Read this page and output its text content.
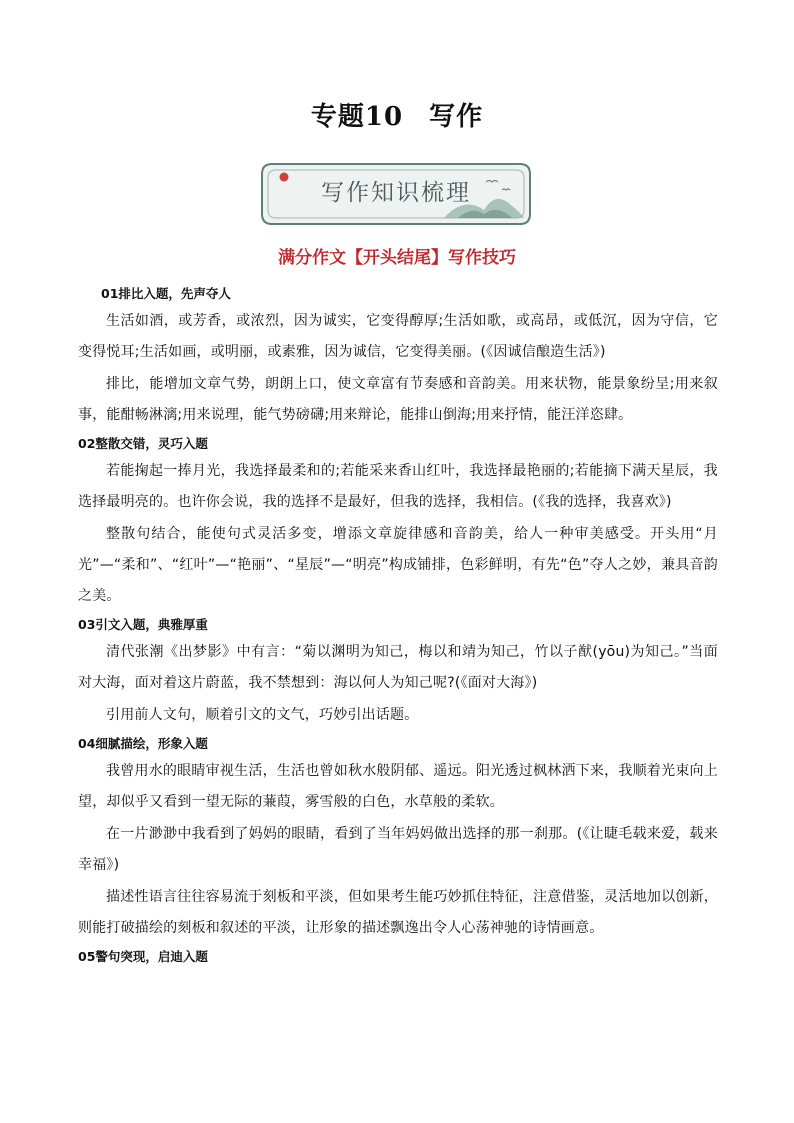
专题10 写作
写作知识梳理
满分作文【开头结尾】写作技巧
01排比入题，先声夺人

生活如酒，或芳香，或浓烈，因为诚实，它变得醇厚;生活如歌，或高昂，或低沉，因为守信，它变得悦耳;生活如画，或明丽，或素雅，因为诚信，它变得美丽。(《因诚信酿造生活》)

排比，能增加文章气势，朗朗上口，使文章富有节奏感和音韵美。用来状物，能景象纷呈;用来叙事，能酣畅淋漓;用来说理，能气势磅礴;用来辩论，能排山倒海;用来抒情，能汪洋恣肆。

02整散交错，灵巧入题

若能掬起一捧月光，我选择最柔和的;若能采来香山红叶，我选择最艳丽的;若能摘下满天星辰，我选择最明亮的。也许你会说，我的选择不是最好，但我的选择，我相信。(《我的选择，我喜欢》)

整散句结合，能使句式灵活多变，增添文章旋律感和音韵美，给人一种审美感受。开头用“月光”—“柔和”、“红叶”—“艳丽”、“星辰”—“明亮”构成铺排，色彩鲜明，有先“色”夺人之妙，兼具音韵之美。

03引文入题，典雅厚重

清代张潮《出梦影》中有言：“菊以渊明为知己，梅以和靖为知己，竹以子猷(yōu)为知己。”当面对大海，面对着这片蔚蓝，我不禁想到：海以何人为知己呢?(《面对大海》)

引用前人文句，顺着引文的文气，巧妙引出话题。

04细腻描绘，形象入题

我曾用水的眼睛审视生活，生活也曾如秋水般阴郁、遥远。阳光透过枫林洒下来，我顺着光束向上望，却似乎又看到一望无际的蒹葭，雾雪般的白色，水草般的柔软。

在一片渺渺中我看到了妈妈的眼睛，看到了当年妈妈做出选择的那一刹那。(《让睫毛载来爱，载来幸福》)

描述性语言往往容易流于刻板和平淡，但如果考生能巧妙抓住特征，注意借鉴，灵活地加以创新，则能打破描绘的刻板和叙述的平淡，让形象的描述飘逸出令人心荡神驰的诗情画意。

05警句突现，启迪入题
